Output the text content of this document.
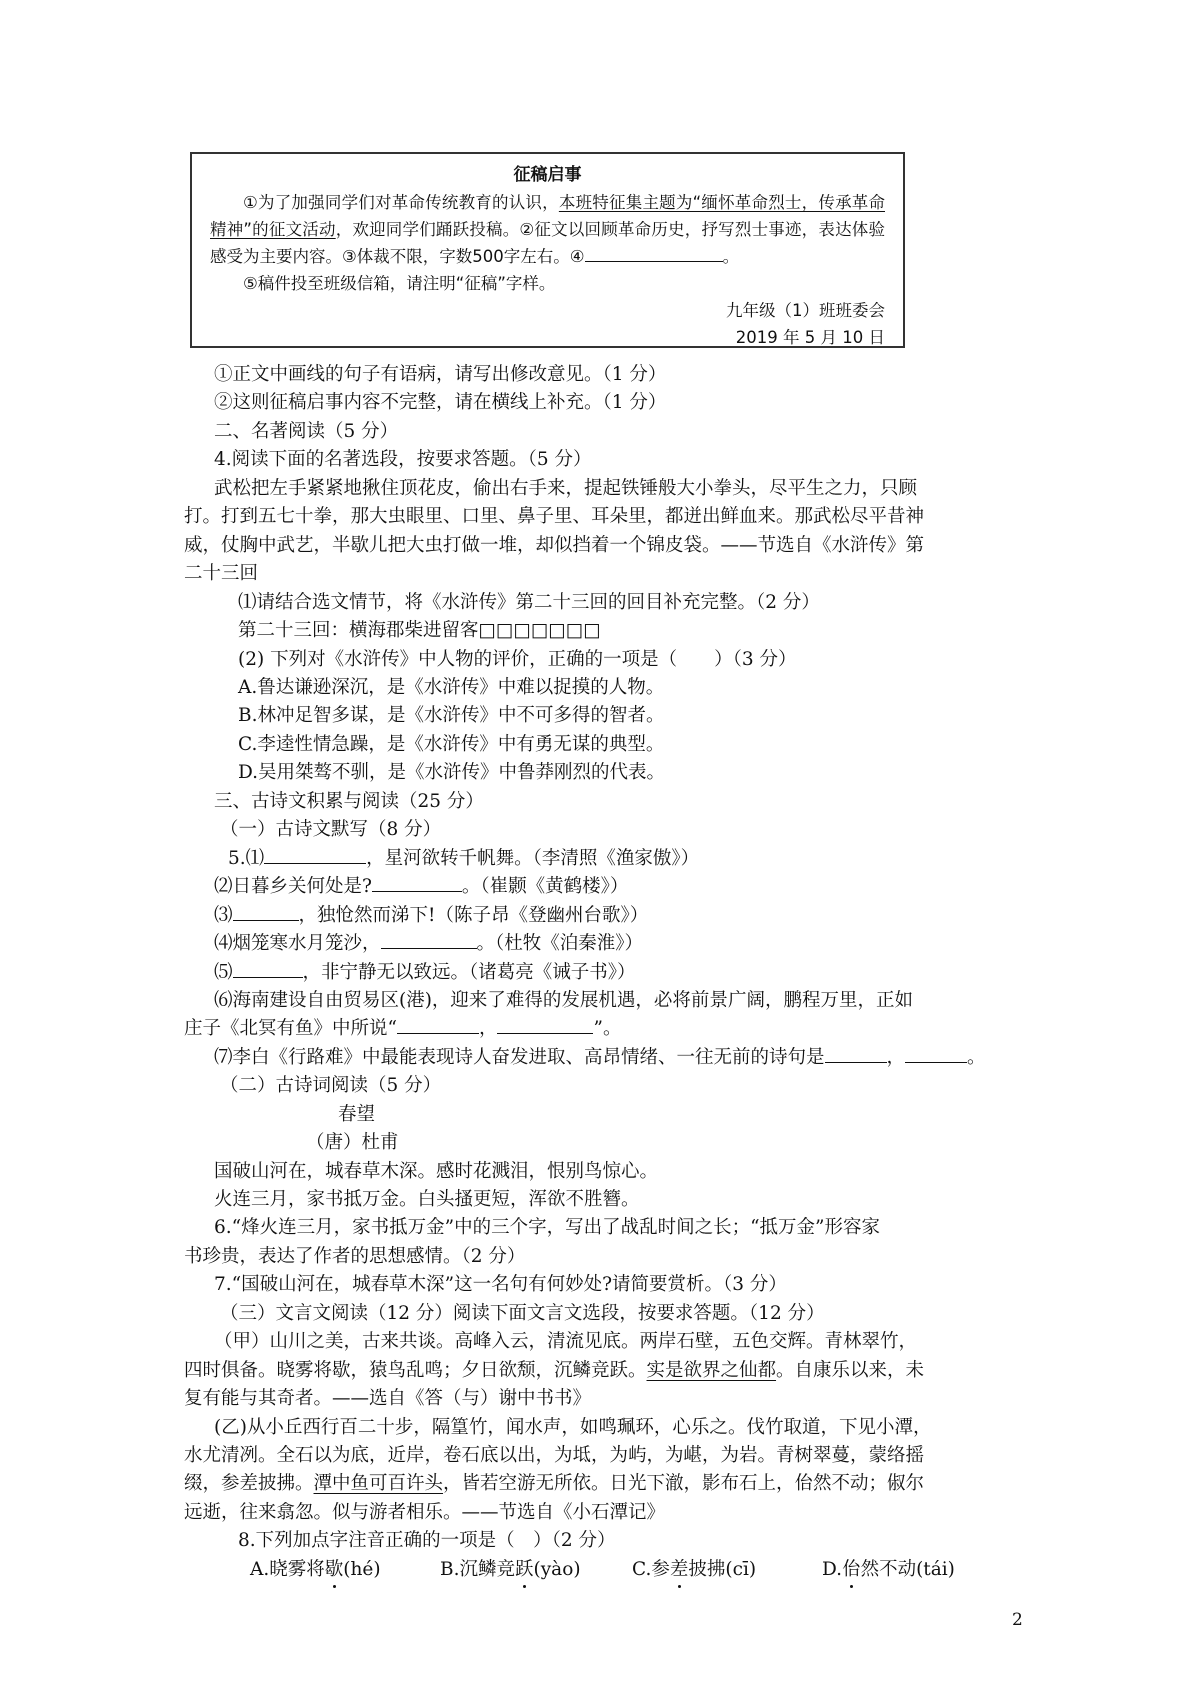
征稿启事
①为了加强同学们对革命传统教育的认识，本班特征集主题为“缅怀革命烈士，传承革命精神”的征文活动，欢迎同学们踊跃投稿。②征文以回顾革命历史，抒写烈士事迹，表达体验感受为主要内容。③体裁不限，字数500字左右。④	。
⑤稿件投至班级信箱，请注明“征稿”字样。
九年级（1）班班委会
2019 年 5 月 10 日
①正文中画线的句子有语病，请写出修改意见。（1 分）
②这则征稿启事内容不完整，请在横线上补充。（1 分）
二、名著阅读（5 分）
4.阅读下面的名著选段，按要求答题。（5 分）
武松把左手紧紧地揪住顶花皮，偷出右手来，提起铁锤般大小拳头，尽平生之力，只顾
打。打到五七十拳，那大虫眼里、口里、鼻子里、耳朵里，都迸出鲜血来。那武松尽平昔神
威，仗胸中武艺，半歇儿把大虫打做一堆，却似挡着一个锦皮袋。——节选自《水浒传》第
二十三回
⑴请结合选文情节，将《水浒传》第二十三回的回目补充完整。（2 分）
第二十三回：横海郡柴进留客□□□□□□□
(2) 下列对《水浒传》中人物的评价，正确的一项是（　　）（3 分）
A.鲁达谦逊深沉，是《水浒传》中难以捉摸的人物。
B.林冲足智多谋，是《水浒传》中不可多得的智者。
C.李逵性情急躁，是《水浒传》中有勇无谋的典型。
D.吴用桀骜不驯，是《水浒传》中鲁莽刚烈的代表。
三、古诗文积累与阅读（25 分）
（一）古诗文默写（8 分）
5.⑴	，星河欲转千帆舞。（李清照《渔家傲》）
⑵日暮乡关何处是?	。（崔颢《黄鹤楼》）
⑶	，独怆然而涕下!（陈子昂《登幽州台歌》）
⑷烟笼寒水月笼沙，	。（杜牧《泊秦淮》）
⑸	，非宁静无以致远。（诸葛亮《诫子书》）
⑹海南建设自由贸易区(港)，迎来了难得的发展机遇，必将前景广阔，鹏程万里，正如
庄子《北冥有鱼》中所说“	，	”。
⑺李白《行路难》中最能表现诗人奋发进取、高昂情绪、一往无前的诗句是	，	。
（二）古诗词阅读（5 分）
春望
（唐）杜甫
国破山河在，城春草木深。感时花溅泪，恨别鸟惊心。
火连三月，家书抵万金。白头搔更短，浑欲不胜簪。
6.“烽火连三月，家书抵万金”中的三个字，写出了战乱时间之长；“抵万金”形容家
书珍贵，表达了作者的思想感情。（2 分）
7.“国破山河在，城春草木深”这一名句有何妙处?请简要赏析。（3 分）
（三）文言文阅读（12 分）阅读下面文言文选段，按要求答题。（12 分）
（甲）山川之美，古来共谈。高峰入云，清流见底。两岸石壁，五色交辉。青林翠竹，
四时俱备。晓雾将歇，猿鸟乱鸣；夕日欲颓，沉鳞竞跃。实是欲界之仙都。自康乐以来，未
复有能与其奇者。——选自《答（与）谢中书书》
(乙)从小丘西行百二十步，隔篁竹，闻水声，如鸣珮环，心乐之。伐竹取道，下见小潭，
水尤清冽。全石以为底，近岸，卷石底以出，为坻，为屿，为嵁，为岩。青树翠蔓，蒙络摇
缀，参差披拂。潭中鱼可百许头，皆若空游无所依。日光下澈，影布石上，佁然不动；俶尔
远逝，往来翕忽。似与游者相乐。——节选自《小石潭记》
8.下列加点字注音正确的一项是（　）（2 分）
A.晓雾将歇(hé)	B.沉鳞竞跃(yào)	C.参差披拂(cī)	D.佁然不动(tái)
2
